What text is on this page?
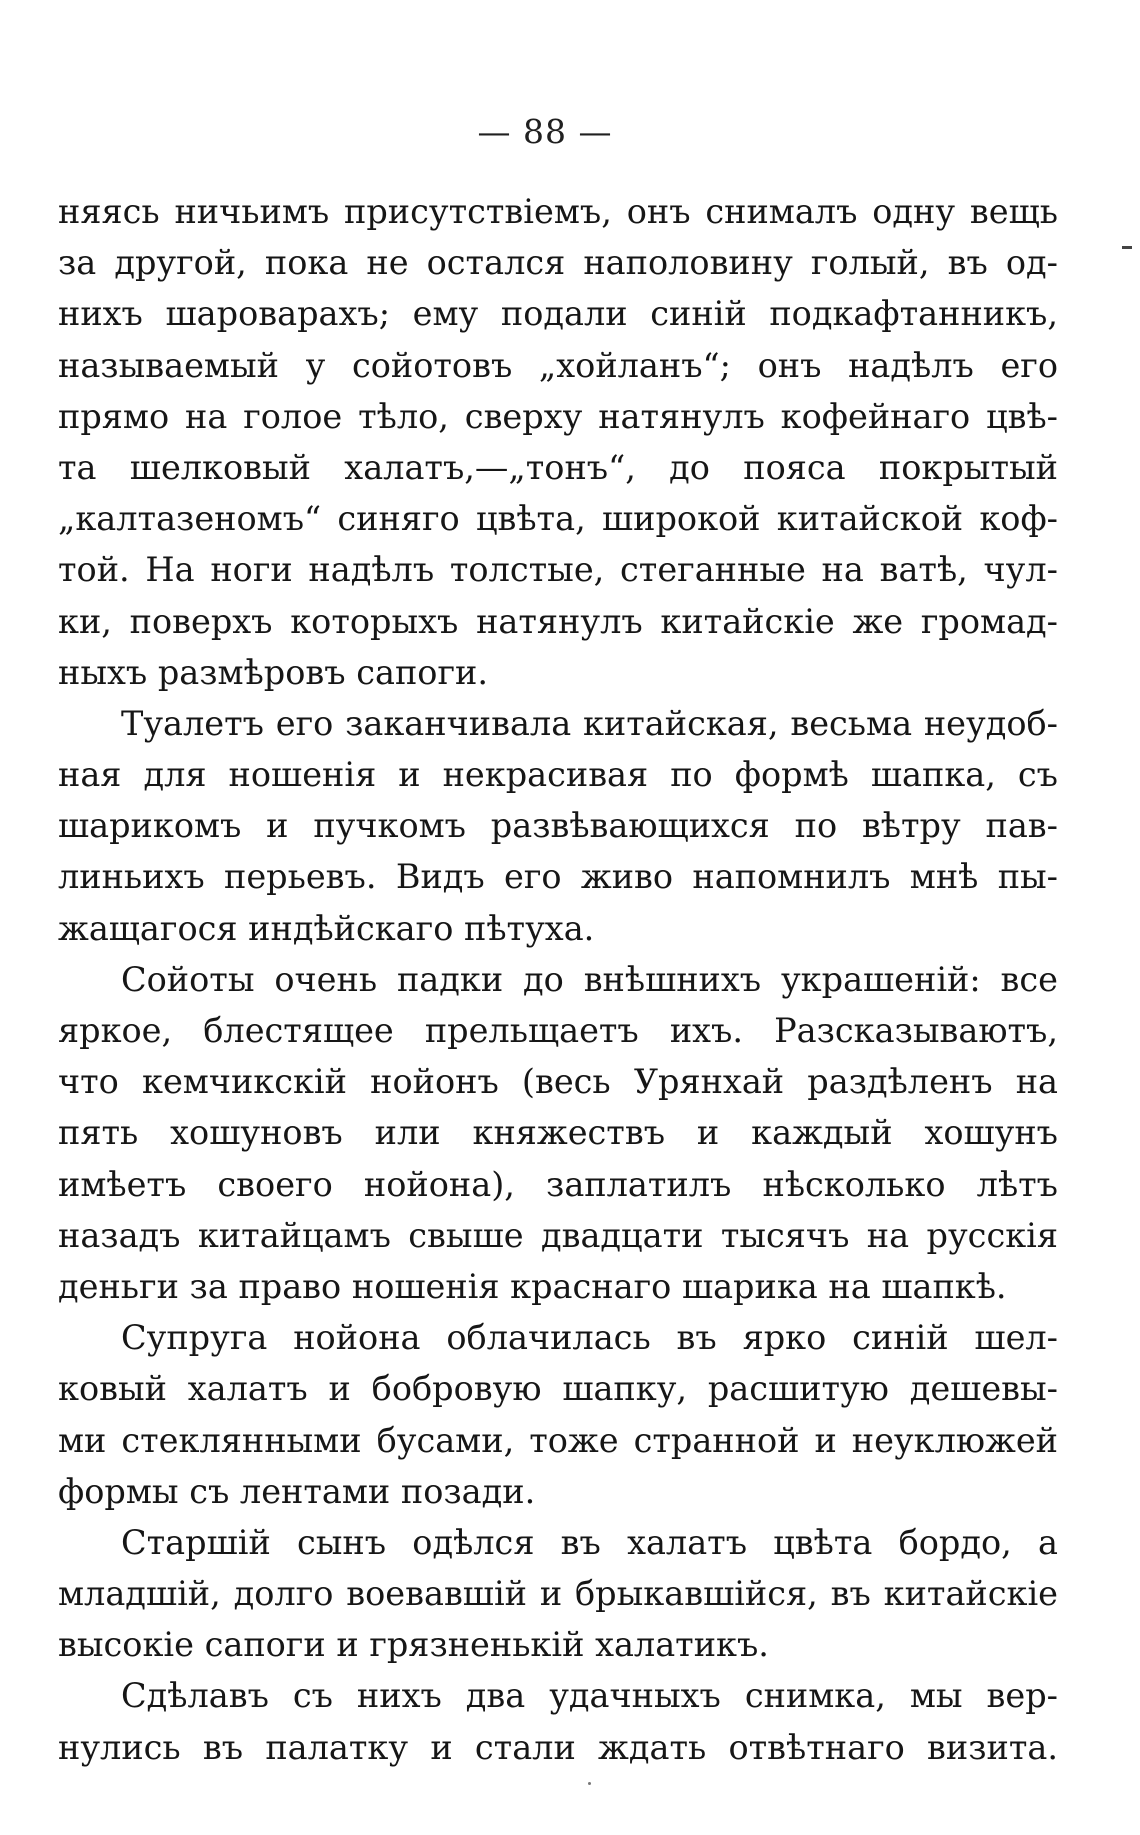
— 88 —
няясь ничьимъ присутствіемъ, онъ снималъ одну вещь
за другой, пока не остался наполовину голый, въ од-
нихъ шароварахъ; ему подали синій подкафтанникъ,
называемый у сойотовъ „хойланъ“; онъ надѣлъ его
прямо на голое тѣло, сверху натянулъ кофейнаго цвѣ-
та шелковый халатъ,—„тонъ“, до пояса покрытый
„калтазеномъ“ синяго цвѣта, широкой китайской коф-
той. На ноги надѣлъ толстые, стеганные на ватѣ, чул-
ки, поверхъ которыхъ натянулъ китайскіе же громад-
ныхъ размѣровъ сапоги.
Туалетъ его заканчивала китайская, весьма неудоб-
ная для ношенія и некрасивая по формѣ шапка, съ
шарикомъ и пучкомъ развѣвающихся по вѣтру пав-
линьихъ перьевъ. Видъ его живо напомнилъ мнѣ пы-
жащагося индѣйскаго пѣтуха.
Сойоты очень падки до внѣшнихъ украшеній: все
яркое, блестящее прельщаетъ ихъ. Разсказываютъ,
что кемчикскій нойонъ (весь Урянхай раздѣленъ на
пять хошуновъ или княжествъ и каждый хошунъ
имѣетъ своего нойона), заплатилъ нѣсколько лѣтъ
назадъ китайцамъ свыше двадцати тысячъ на русскія
деньги за право ношенія краснаго шарика на шапкѣ.
Супруга нойона облачилась въ ярко синій шел-
ковый халатъ и бобровую шапку, расшитую дешевы-
ми стеклянными бусами, тоже странной и неуклюжей
формы съ лентами позади.
Старшій сынъ одѣлся въ халатъ цвѣта бордо, а
младшій, долго воевавшій и брыкавшійся, въ китайскіе
высокіе сапоги и грязненькій халатикъ.
Сдѣлавъ съ нихъ два удачныхъ снимка, мы вер-
нулись въ палатку и стали ждать отвѣтнаго визита.
